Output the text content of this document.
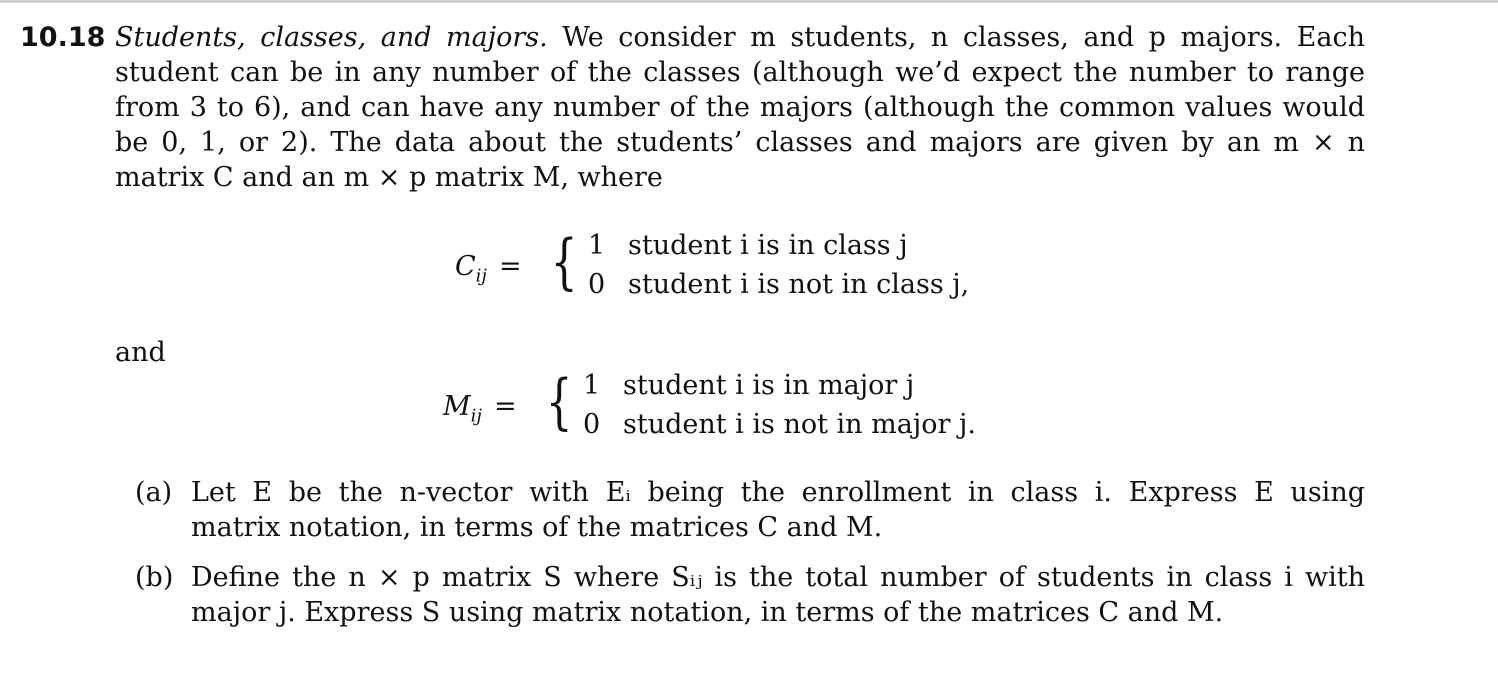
10.18 Students, classes, and majors. We consider m students, n classes, and p majors. Each
student can be in any number of the classes (although we’d expect the number to range
from 3 to 6), and can have any number of the majors (although the common values would
be 0, 1, or 2). The data about the students’ classes and majors are given by an m × n
matrix C and an m × p matrix M, where
$C_{ij}$ = { 1 student i is in class j
0 student i is not in class j,
and
$M_{ij}$ = { 1 student i is in major j
0 student i is not in major j.
(a) Let E be the n-vector with Eᵢ being the enrollment in class i. Express E using
matrix notation, in terms of the matrices C and M.
(b) Define the n × p matrix S where Sᵢⱼ is the total number of students in class i with
major j. Express S using matrix notation, in terms of the matrices C and M.
